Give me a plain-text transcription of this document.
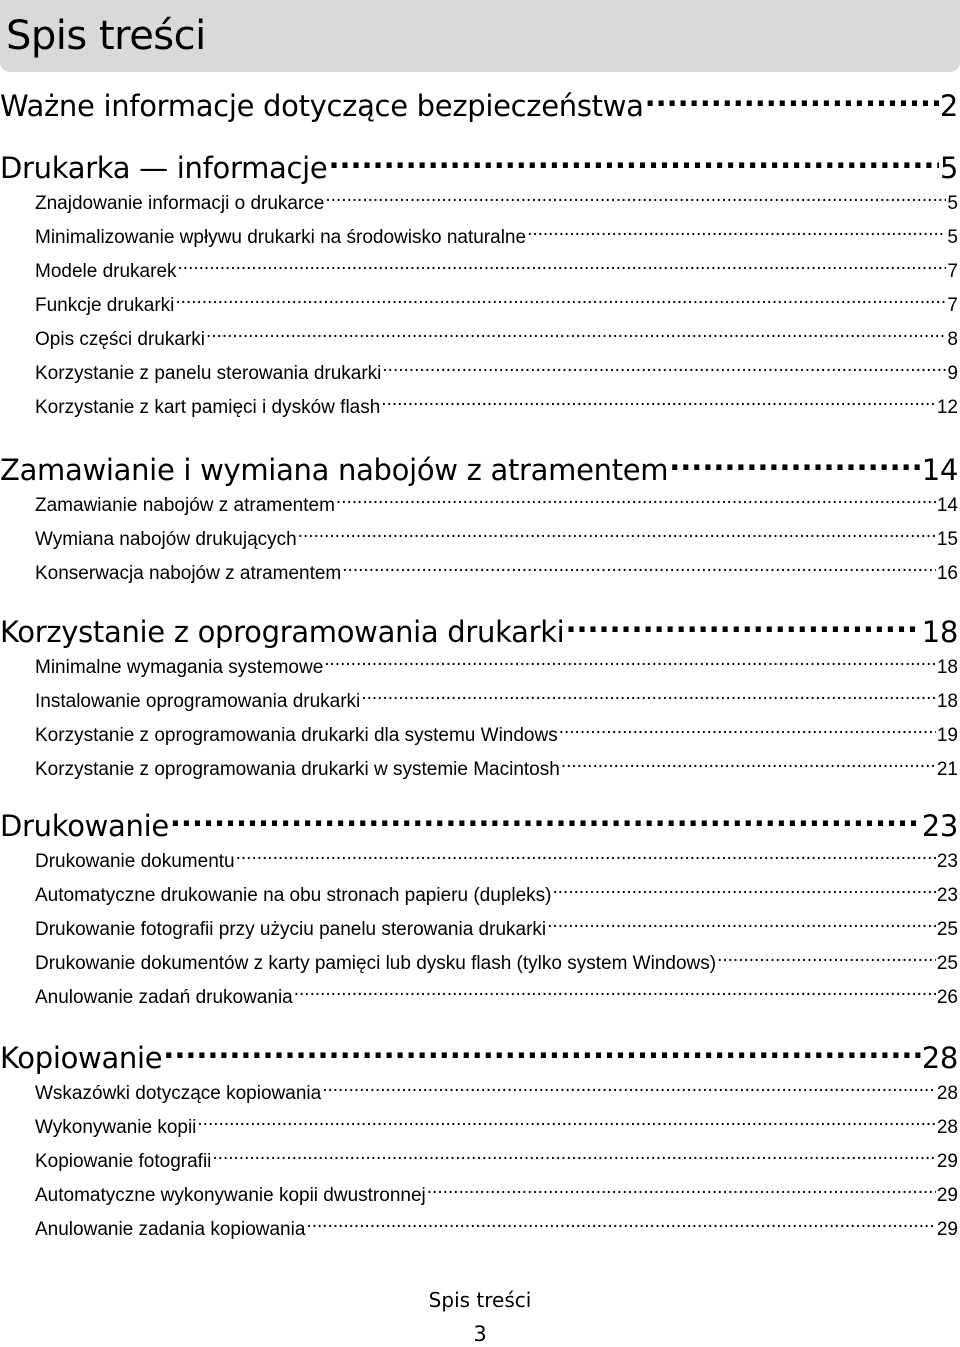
Spis treści
Ważne informacje dotyczące bezpieczeństwa .....	2
Drukarka — informacje .....	5
Znajdowanie informacji o drukarce .....	5
Minimalizowanie wpływu drukarki na środowisko naturalne .....	5
Modele drukarek .....	7
Funkcje drukarki .....	7
Opis części drukarki .....	8
Korzystanie z panelu sterowania drukarki .....	9
Korzystanie z kart pamięci i dysków flash .....	12
Zamawianie i wymiana nabojów z atramentem .....	14
Zamawianie nabojów z atramentem .....	14
Wymiana nabojów drukujących .....	15
Konserwacja nabojów z atramentem .....	16
Korzystanie z oprogramowania drukarki .....	18
Minimalne wymagania systemowe .....	18
Instalowanie oprogramowania drukarki .....	18
Korzystanie z oprogramowania drukarki dla systemu Windows .....	19
Korzystanie z oprogramowania drukarki w systemie Macintosh .....	21
Drukowanie .....	23
Drukowanie dokumentu .....	23
Automatyczne drukowanie na obu stronach papieru (dupleks) .....	23
Drukowanie fotografii przy użyciu panelu sterowania drukarki .....	25
Drukowanie dokumentów z karty pamięci lub dysku flash (tylko system Windows) .....	25
Anulowanie zadań drukowania .....	26
Kopiowanie .....	28
Wskazówki dotyczące kopiowania .....	28
Wykonywanie kopii .....	28
Kopiowanie fotografii .....	29
Automatyczne wykonywanie kopii dwustronnej .....	29
Anulowanie zadania kopiowania .....	29
Spis treści
3
